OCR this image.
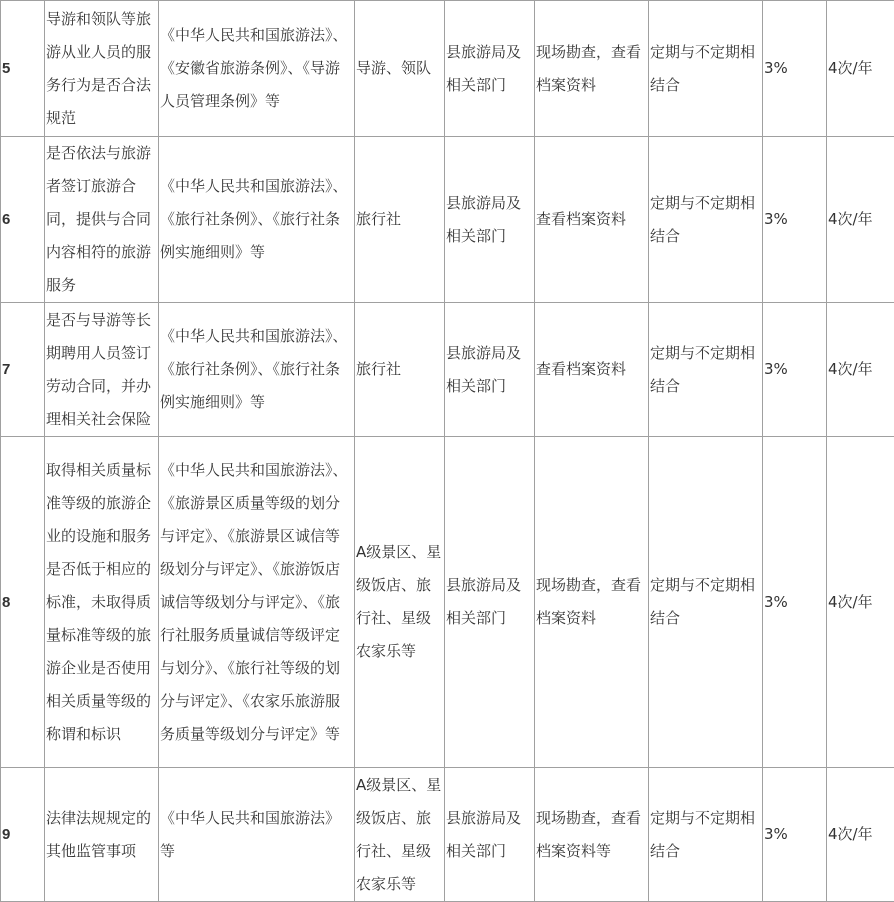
5	导游和领队等旅游从业人员的服务行为是否合法规范	《中华人民共和国旅游法》、《安徽省旅游条例》、《导游人员管理条例》等	导游、领队	县旅游局及相关部门	现场勘查，查看档案资料	定期与不定期相结合	3%	4次/年
6	是否依法与旅游者签订旅游合同，提供与合同内容相符的旅游服务	《中华人民共和国旅游法》、《旅行社条例》、《旅行社条例实施细则》等	旅行社	县旅游局及相关部门	查看档案资料	定期与不定期相结合	3%	4次/年
7	是否与导游等长期聘用人员签订劳动合同，并办理相关社会保险	《中华人民共和国旅游法》、《旅行社条例》、《旅行社条例实施细则》等	旅行社	县旅游局及相关部门	查看档案资料	定期与不定期相结合	3%	4次/年
8	取得相关质量标准等级的旅游企业的设施和服务是否低于相应的标准，未取得质量标准等级的旅游企业是否使用相关质量等级的称谓和标识	《中华人民共和国旅游法》、《旅游景区质量等级的划分与评定》、《旅游景区诚信等级划分与评定》、《旅游饭店诚信等级划分与评定》、《旅行社服务质量诚信等级评定与划分》、《旅行社等级的划分与评定》、《农家乐旅游服务质量等级划分与评定》等	A级景区、星级饭店、旅行社、星级农家乐等	县旅游局及相关部门	现场勘查，查看档案资料	定期与不定期相结合	3%	4次/年
9	法律法规规定的其他监管事项	《中华人民共和国旅游法》等	A级景区、星级饭店、旅行社、星级农家乐等	县旅游局及相关部门	现场勘查，查看档案资料等	定期与不定期相结合	3%	4次/年
